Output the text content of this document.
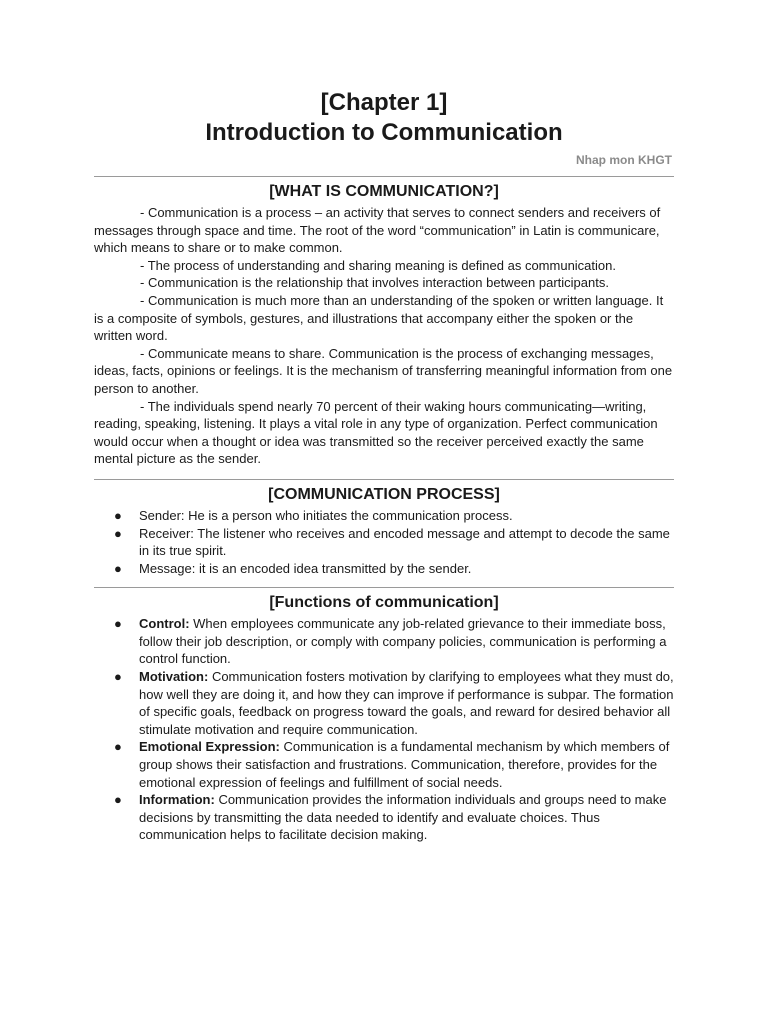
[Chapter 1]
Introduction to Communication
Nhap mon KHGT
[WHAT IS COMMUNICATION?]

- Communication is a process – an activity that serves to connect senders and receivers of messages through space and time. The root of the word “communication” in Latin is communicare, which means to share or to make common.

- The process of understanding and sharing meaning is defined as communication.

- Communication is the relationship that involves interaction between participants.

- Communication is much more than an understanding of the spoken or written language. It is a composite of symbols, gestures, and illustrations that accompany either the spoken or the written word.

- Communicate means to share. Communication is the process of exchanging messages, ideas, facts, opinions or feelings. It is the mechanism of transferring meaningful information from one person to another.

- The individuals spend nearly 70 percent of their waking hours communicating—writing, reading, speaking, listening. It plays a vital role in any type of organization. Perfect communication would occur when a thought or idea was transmitted so the receiver perceived exactly the same mental picture as the sender.

[COMMUNICATION PROCESS]
● Sender: He is a person who initiates the communication process.
● Receiver: The listener who receives and encoded message and attempt to decode the same in its true spirit.
● Message: it is an encoded idea transmitted by the sender.
[Functions of communication]
● Control: When employees communicate any job-related grievance to their immediate boss, follow their job description, or comply with company policies, communication is performing a control function.
● Motivation: Communication fosters motivation by clarifying to employees what they must do, how well they are doing it, and how they can improve if performance is subpar. The formation of specific goals, feedback on progress toward the goals, and reward for desired behavior all stimulate motivation and require communication.
● Emotional Expression: Communication is a fundamental mechanism by which members of group shows their satisfaction and frustrations. Communication, therefore, provides for the emotional expression of feelings and fulfillment of social needs.
● Information: Communication provides the information individuals and groups need to make decisions by transmitting the data needed to identify and evaluate choices. Thus communication helps to facilitate decision making.
